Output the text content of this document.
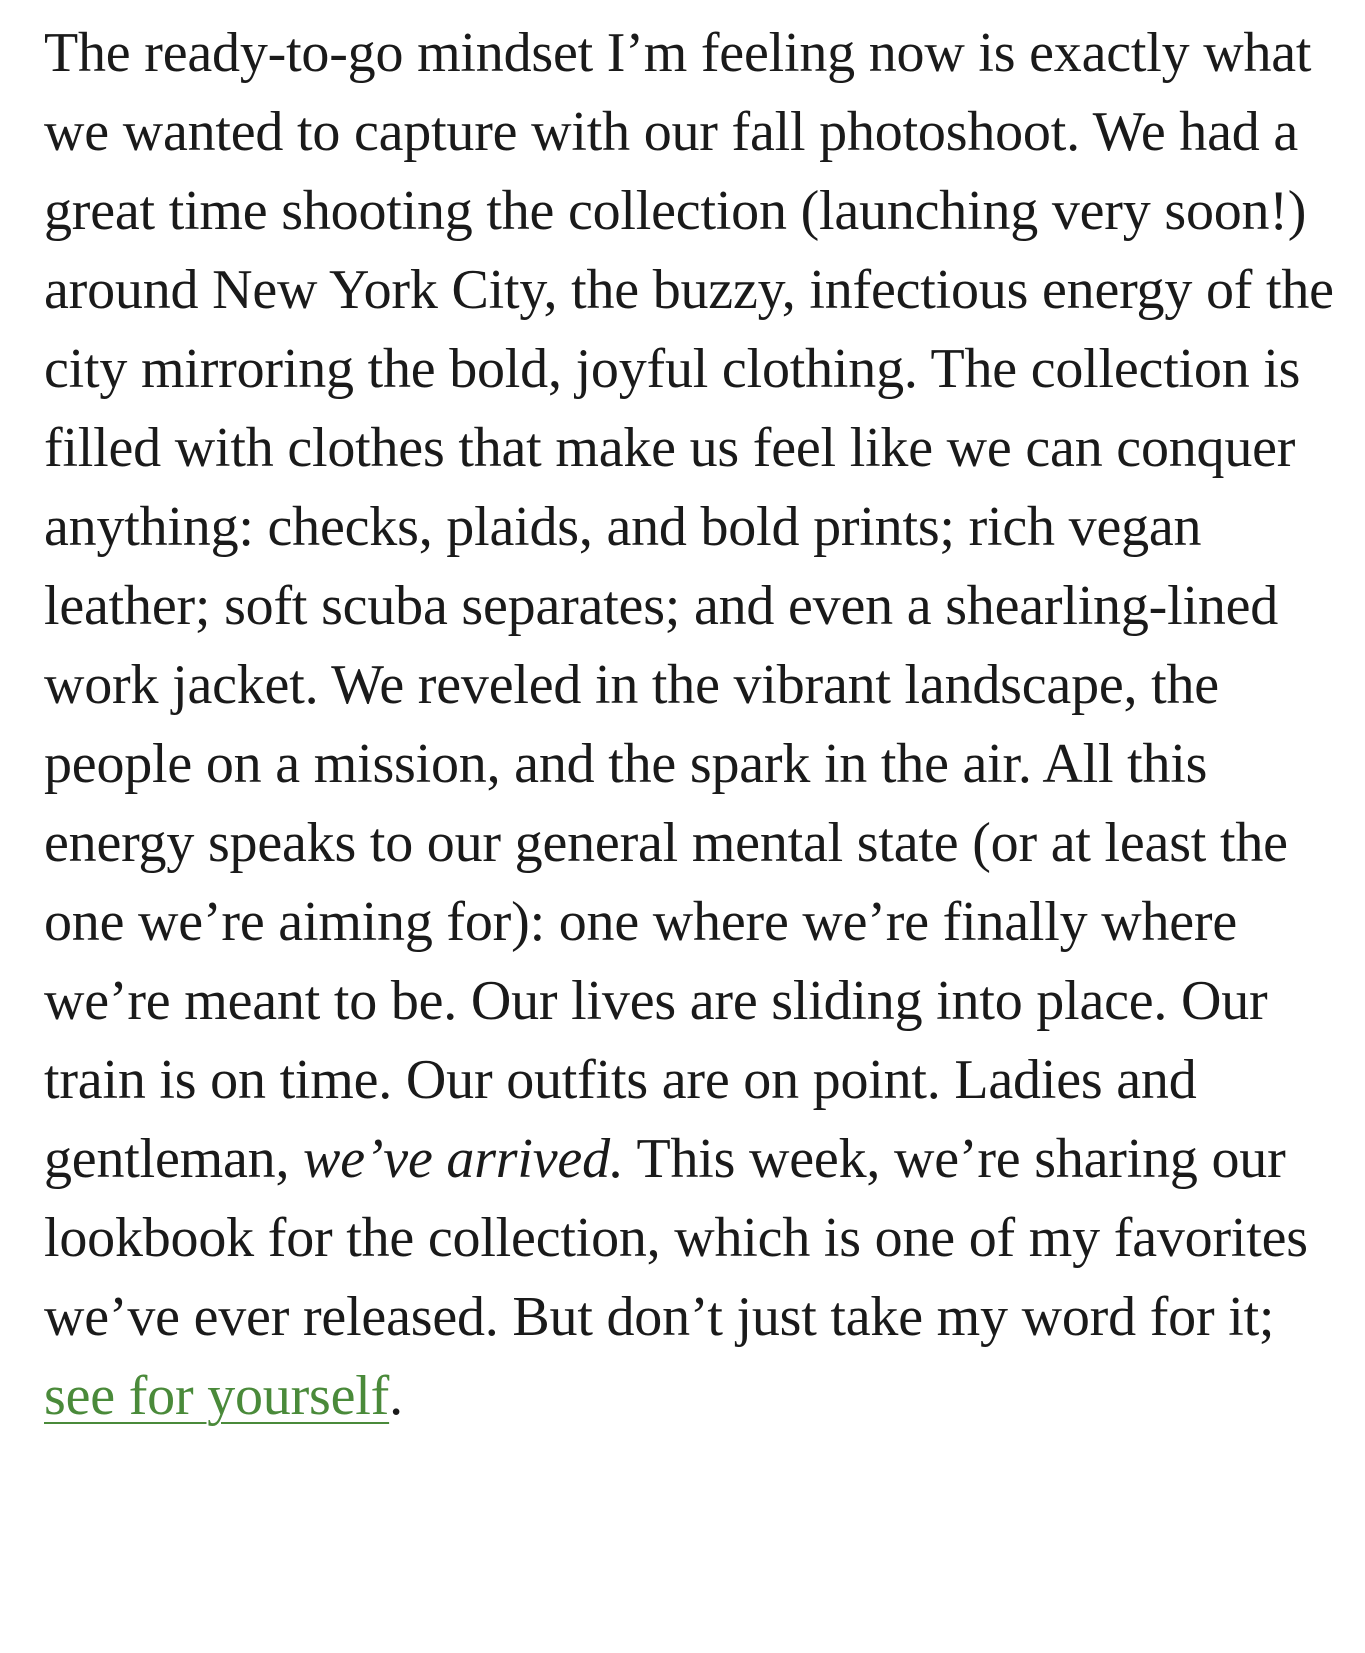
The ready-to-go mindset I’m feeling now is exactly what we wanted to capture with our fall photoshoot. We had a great time shooting the collection (launching very soon!) around New York City, the buzzy, infectious energy of the city mirroring the bold, joyful clothing. The collection is filled with clothes that make us feel like we can conquer anything: checks, plaids, and bold prints; rich vegan leather; soft scuba separates; and even a shearling-lined work jacket. We reveled in the vibrant landscape, the people on a mission, and the spark in the air. All this energy speaks to our general mental state (or at least the one we’re aiming for): one where we’re finally where we’re meant to be. Our lives are sliding into place. Our train is on time. Our outfits are on point. Ladies and gentleman, we’ve arrived. This week, we’re sharing our lookbook for the collection, which is one of my favorites we’ve ever released. But don’t just take my word for it; see for yourself.
